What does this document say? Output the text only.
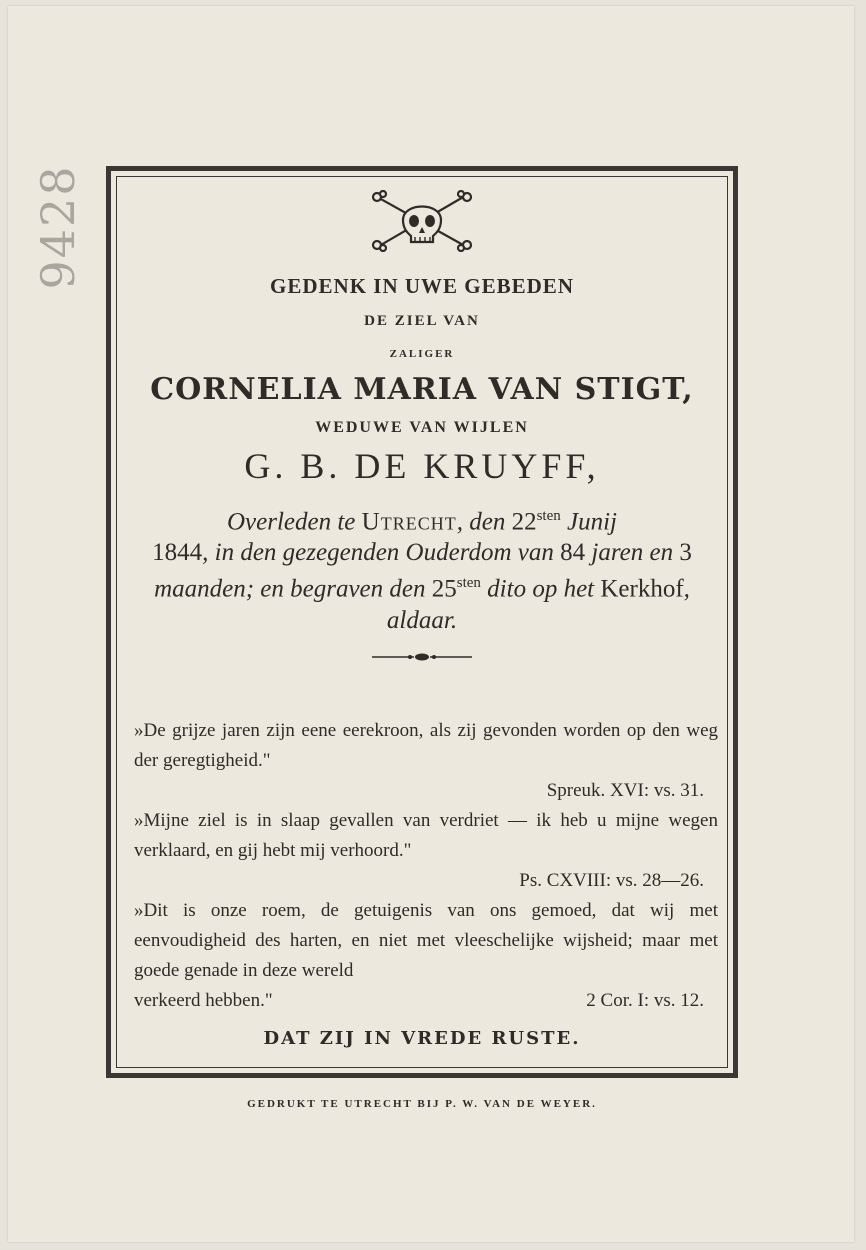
9428	GEDENK IN UWE GEBEDEN
DE ZIEL VAN
ZALIGER
CORNELIA MARIA VAN STIGT,
WEDUWE VAN WIJLEN
G. B. DE KRUYFF,
Overleden te Utrecht, den $22^{sten}$ Junij
1844, in den gezegenden Ouderdom van 84 jaren en 3 maanden; en begraven den $25^{sten}$ dito op het Kerkhof, aldaar.
»De grijze jaren zijn eene eerekroon, als zij gevonden worden op den weg der geregtigheid."
Spreuk. XVI: vs. 31.
»Mijne ziel is in slaap gevallen van verdriet — ik heb u mijne wegen verklaard, en gij hebt mij verhoord."
Ps. CXVIII: vs. 28—26.
»Dit is onze roem, de getuigenis van ons gemoed, dat wij met eenvoudigheid des harten, en niet met vleeschelijke wijsheid; maar met goede genade in deze wereld
verkeerd hebben."	2 Cor. I: vs. 12.
DAT ZIJ IN VREDE RUSTE.
GEDRUKT TE UTRECHT BIJ P. W. VAN DE WEYER.
